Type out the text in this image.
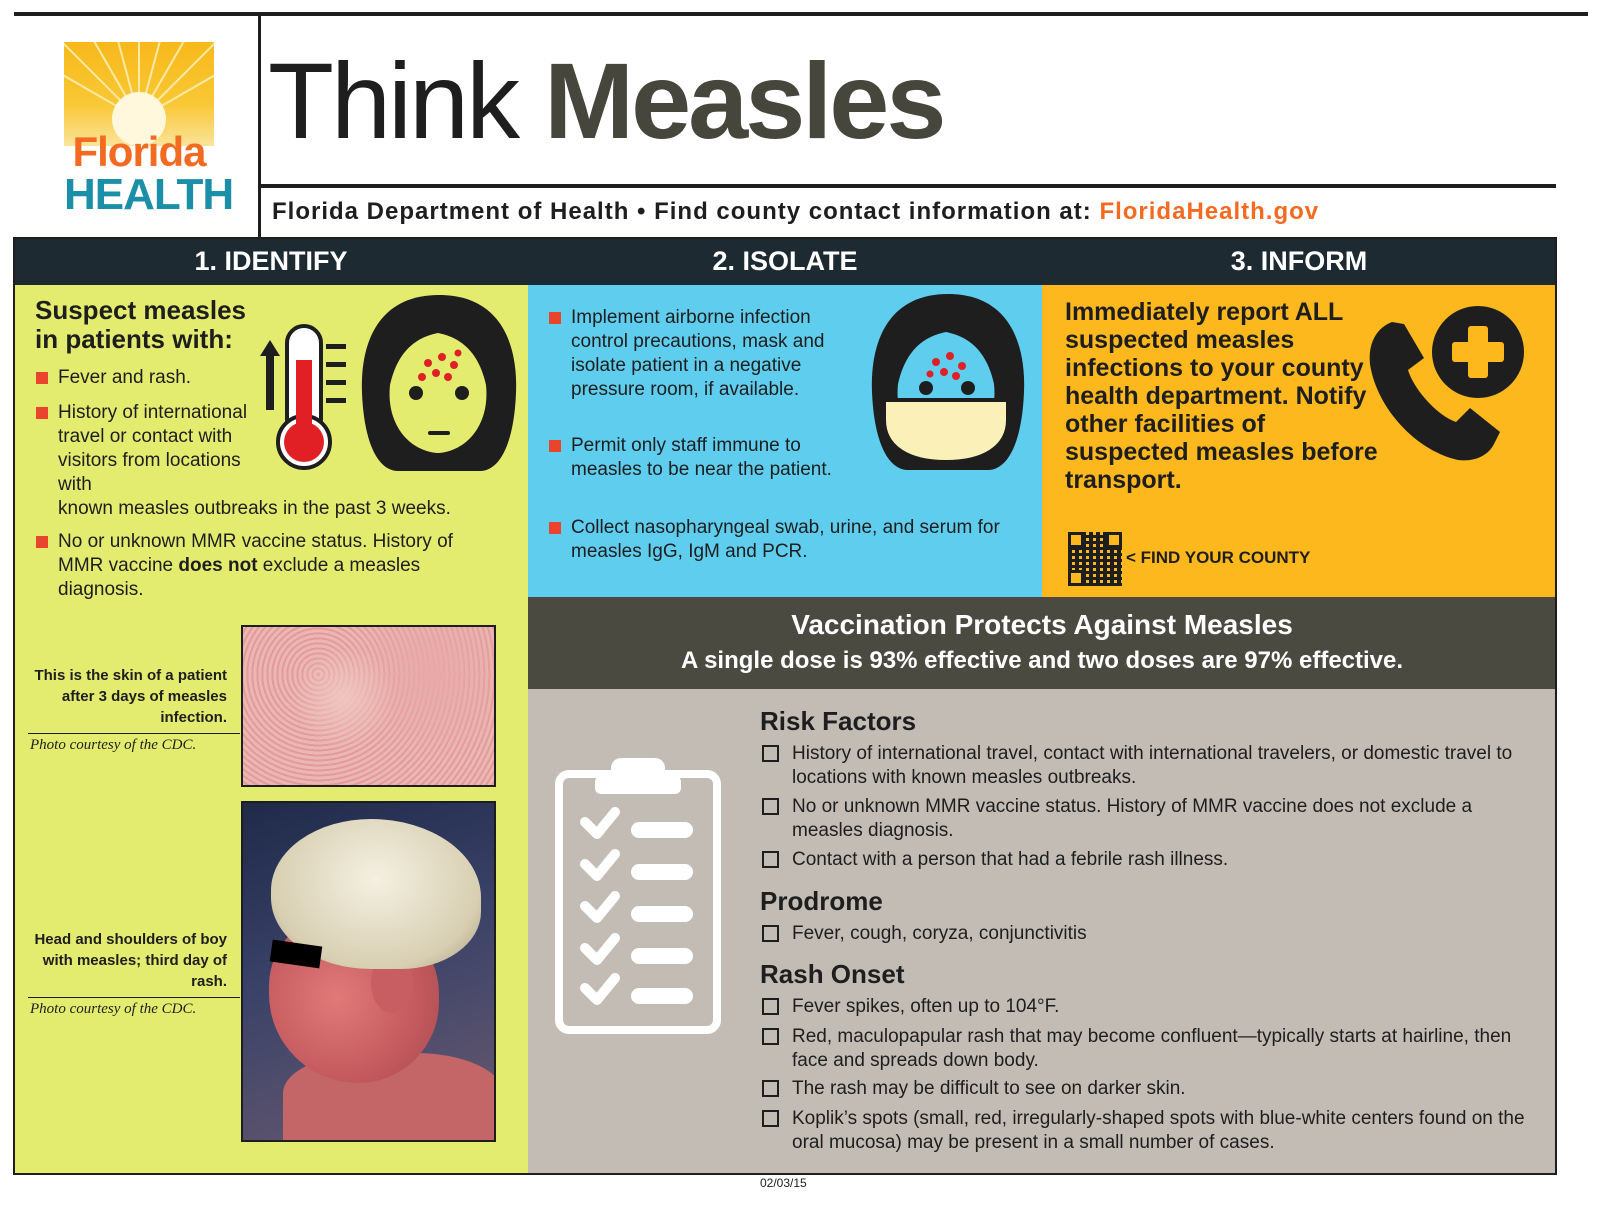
Florida
HEALTH
Think Measles
Florida Department of Health • Find county contact information at: FloridaHealth.gov
1. IDENTIFY	2. ISOLATE	3. INFORM
Suspect measles in patients with:
Fever and rash.
History of international travel or contact with visitors from locations with
known measles outbreaks in the past 3 weeks.
No or unknown MMR vaccine status. History of MMR vaccine does not exclude a measles diagnosis.
This is the skin of a patient after 3 days of measles infection.
Photo courtesy of the CDC.
Head and shoulders of boy with measles; third day of rash.
Photo courtesy of the CDC.
Implement airborne infection control precautions, mask and isolate patient in a negative pressure room, if available.
Permit only staff immune to measles to be near the patient.
Collect nasopharyngeal swab, urine, and serum for measles IgG, IgM and PCR.
Immediately report ALL suspected measles infections to your county health department. Notify other facilities of suspected measles before transport.
< FIND YOUR COUNTY
Vaccination Protects Against Measles
A single dose is 93% effective and two doses are 97% effective.
Risk Factors
History of international travel, contact with international travelers, or domestic travel to locations with known measles outbreaks.
No or unknown MMR vaccine status. History of MMR vaccine does not exclude a measles diagnosis.
Contact with a person that had a febrile rash illness.
Prodrome
Fever, cough, coryza, conjunctivitis
Rash Onset
Fever spikes, often up to 104°F.
Red, maculopapular rash that may become confluent—typically starts at hairline, then face and spreads down body.
The rash may be difficult to see on darker skin.
Koplik’s spots (small, red, irregularly-shaped spots with blue-white centers found on the oral mucosa) may be present in a small number of cases.
02/03/15
